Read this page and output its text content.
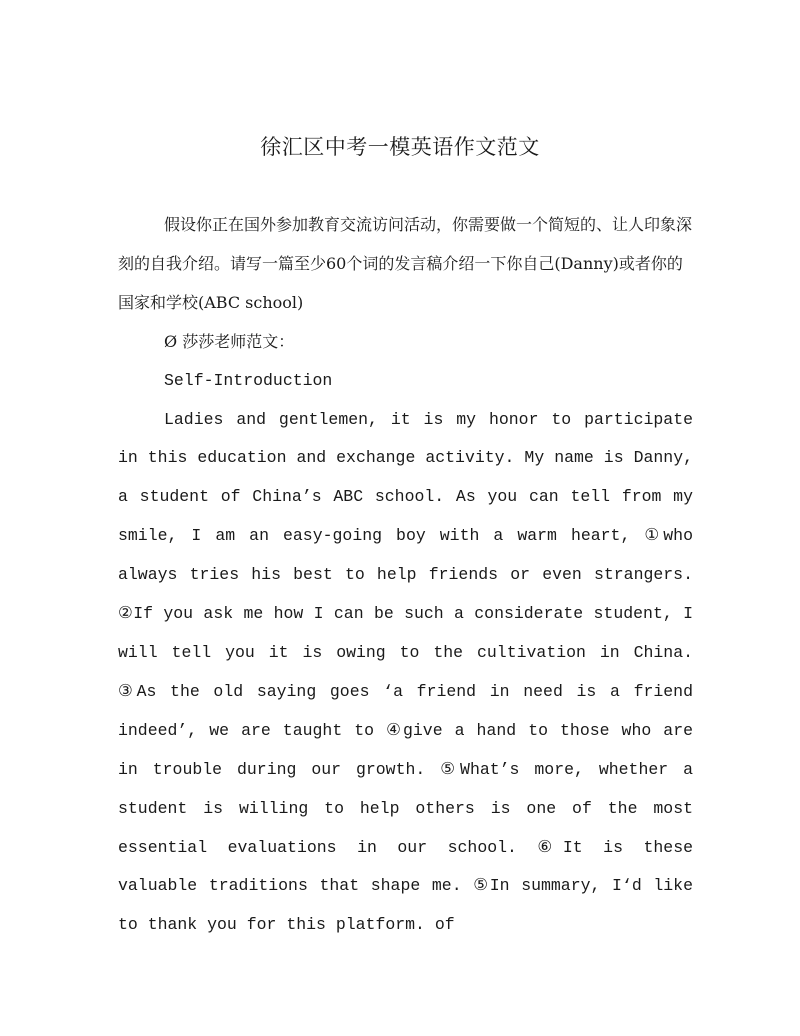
徐汇区中考一模英语作文范文

假设你正在国外参加教育交流访问活动，你需要做一个简短的、让人印象深刻的自我介绍。请写一篇至少60个词的发言稿介绍一下你自己(Danny)或者你的国家和学校(ABC school)

Ø 莎莎老师范文：

Self-Introduction

Ladies and gentlemen, it is my honor to participate in this education and exchange activity. My name is Danny, a student of China’s ABC school. As you can tell from my smile, I am an easy-going boy with a warm heart, ①who always tries his best to help friends or even strangers. ②If you ask me how I can be such a considerate student, I will tell you it is owing to the cultivation in China. ③As the old saying goes ‘a friend in need is a friend indeed’, we are taught to ④give a hand to those who are in trouble during our growth. ⑤What’s more, whether a student is willing to help others is one of the most essential evaluations in our school. ⑥It is these valuable traditions that shape me. ⑤In summary, I‘d like to thank you for this platform. of
